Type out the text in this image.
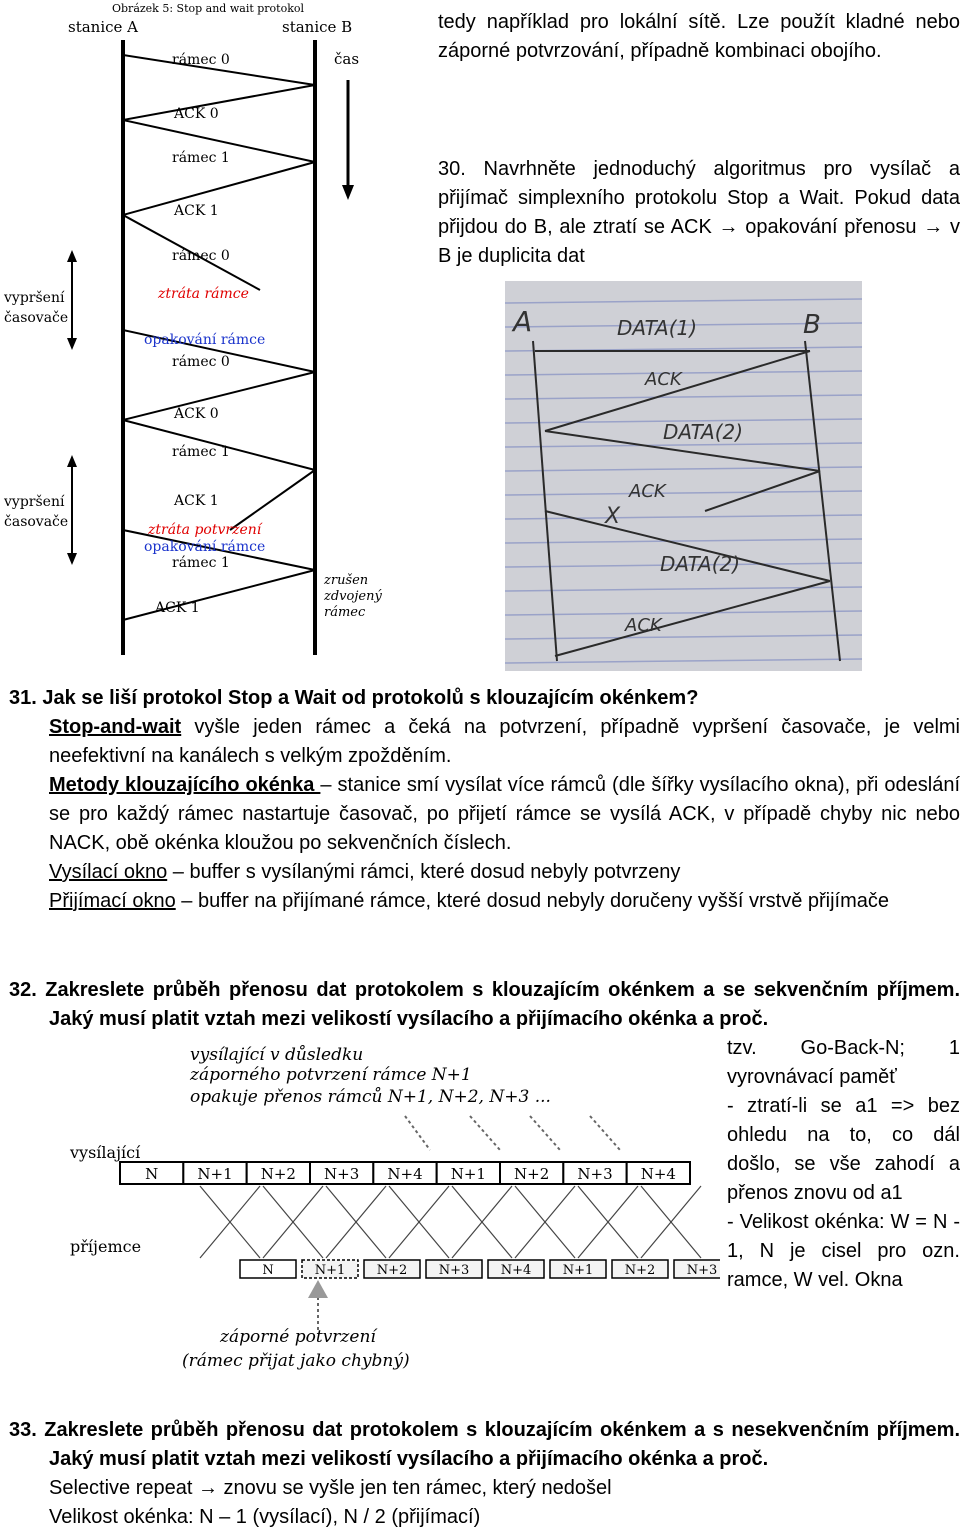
Obrázek 5: Stop and wait protokol
stanice A	stanice B
čas
rámec 0
ACK 0
rámec 1
ACK 1
rámec 0
ztráta rámce
opakování rámce
rámec 0
ACK 0
rámec 1
ACK 1
ztráta potvrzení
opakování rámce
rámec 1
ACK 1
vypršení
časovače
vypršení
časovače
zrušen
zdvojený
rámec
tedy například pro lokální sítě. Lze použít kladné nebo záporné potvrzování, případně kombinaci obojího.
30. Navrhněte jednoduchý algoritmus pro vysílač a přijímač simplexního protokolu Stop a Wait. Pokud data přijdou do B, ale ztratí se ACK → opakování přenosu → v B je duplicita dat
A	B
DATA(1)
ACK
DATA(2)
ACK
X
DATA(2)
ACK
31. Jak se liší protokol Stop a Wait od protokolů s klouzajícím okénkem?
Stop-and-wait vyšle jeden rámec a čeká na potvrzení, případně vypršení časovače, je velmi neefektivní na kanálech s velkým zpožděním.
Metody klouzajícího okénka – stanice smí vysílat více rámců (dle šířky vysílacího okna), při odeslání se pro každý rámec nastartuje časovač, po přijetí rámce se vysílá ACK, v případě chyby nic nebo NACK, obě okénka kloužou po sekvenčních číslech.
Vysílací okno – buffer s vysílanými rámci, které dosud nebyly potvrzeny
Přijímací okno – buffer na přijímané rámce, které dosud nebyly doručeny vyšší vrstvě přijímače
32. Zakreslete průběh přenosu dat protokolem s klouzajícím okénkem a se sekvenčním příjmem. Jaký musí platit vztah mezi velikostí vysílacího a přijímacího okénka a proč.
tzv. Go-Back-N; 1 vyrovnávací paměť
- ztratí-li se a1 => bez ohledu na to, co dál došlo, se vše zahodí a přenos znovu od a1
- Velikost okénka: W = N - 1, N je cisel pro ozn. ramce, W vel. Okna
vysílající v důsledku
záporného potvrzení rámce N+1
opakuje přenos rámců N+1, N+2, N+3 ...
vysílající
N	N+1 N+2 N+3 N+4 N+1 N+2 N+3 N+4
příjemce
N	N+1 N+2 N+3 N+4 N+1 N+2 N+3
záporné potvrzení
(rámec přijat jako chybný)
33. Zakreslete průběh přenosu dat protokolem s klouzajícím okénkem a s nesekvenčním příjmem. Jaký musí platit vztah mezi velikostí vysílacího a přijímacího okénka a proč.
Selective repeat → znovu se vyšle jen ten rámec, který nedošel
Velikost okénka: N – 1 (vysílací), N / 2 (přijímací)
